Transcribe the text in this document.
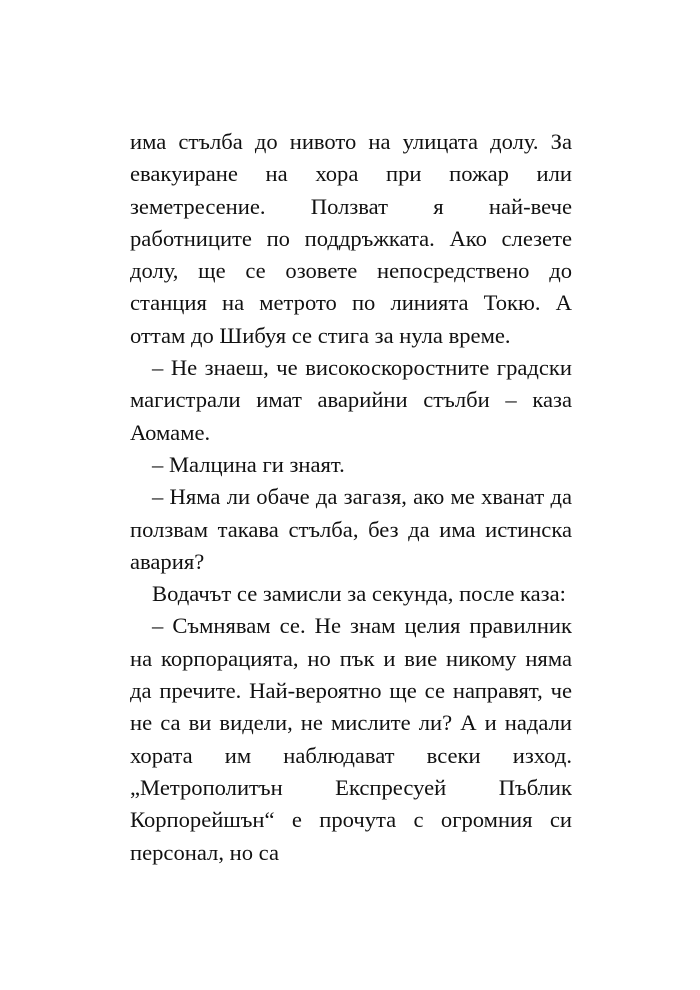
има стълба до нивото на улицата долу. За евакуиране на хора при пожар или земетресение. Ползват я най-вече работниците по поддръжката. Ако слезете долу, ще се озовете непосредствено до станция на метрото по линията Токю. А оттам до Шибуя се стига за нула време.

– Не знаеш, че високоскоростните градски магистрали имат аварийни стълби – каза Аомаме.

– Малцина ги знаят.

– Няма ли обаче да загазя, ако ме хванат да ползвам такава стълба, без да има истинска авария?

Водачът се замисли за секунда, после каза:

– Съмнявам се. Не знам целия правилник на корпорацията, но пък и вие никому няма да пречите. Най-вероятно ще се направят, че не са ви видели, не мислите ли? А и надали хората им наблюдават всеки изход. „Метрополитън Експресуей Пъблик Корпорейшън“ е прочута с огромния си персонал, но са
